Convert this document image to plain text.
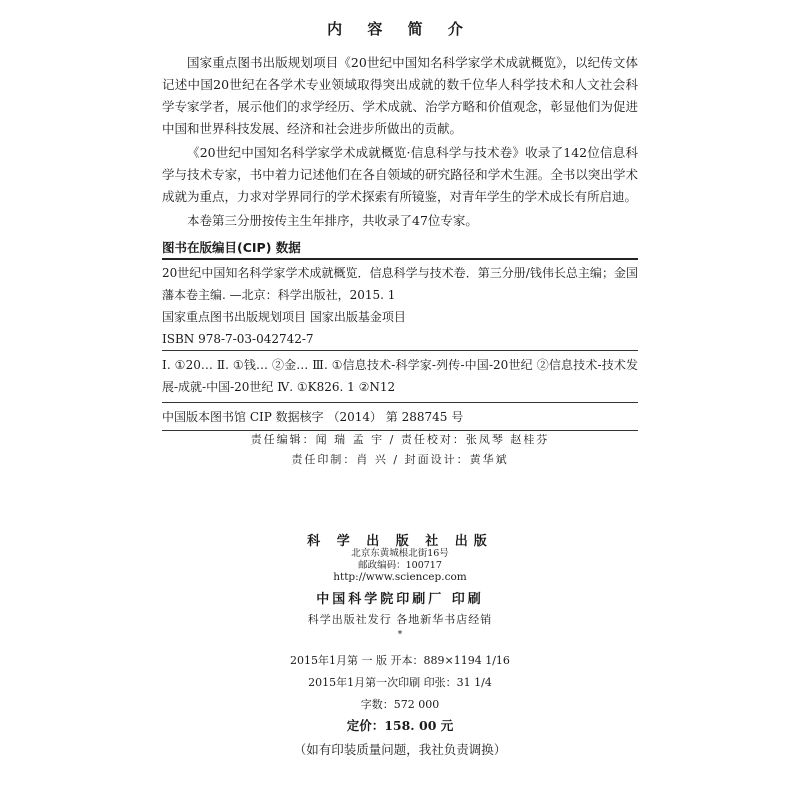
内 容 简 介

国家重点图书出版规划项目《20世纪中国知名科学家学术成就概览》，以纪传文体记述中国20世纪在各学术专业领域取得突出成就的数千位华人科学技术和人文社会科学专家学者，展示他们的求学经历、学术成就、治学方略和价值观念，彰显他们为促进中国和世界科技发展、经济和社会进步所做出的贡献。

《20世纪中国知名科学家学术成就概览·信息科学与技术卷》收录了142位信息科学与技术专家，书中着力记述他们在各自领域的研究路径和学术生涯。全书以突出学术成就为重点，力求对学界同行的学术探索有所镜鉴，对青年学生的学术成长有所启迪。

本卷第三分册按传主生年排序，共收录了47位专家。

图书在版编目(CIP) 数据

20世纪中国知名科学家学术成就概览．信息科学与技术卷．第三分册/钱伟长总主编；金国藩本卷主编. —北京：科学出版社，2015. 1

国家重点图书出版规划项目 国家出版基金项目

ISBN 978-7-03-042742-7

Ⅰ. ①20… Ⅱ. ①钱… ②金… Ⅲ. ①信息技术-科学家-列传-中国-20世纪 ②信息技术-技术发展-成就-中国-20世纪 Ⅳ. ①K826. 1 ②N12

中国版本图书馆 CIP 数据核字 （2014） 第 288745 号

责任编辑：闻 瑞 孟 宇 / 责任校对：张凤琴 赵桂芬
责任印制：肖 兴 / 封面设计：黄华斌
科 学 出 版 社 出版
北京东黄城根北街16号
邮政编码：100717
http://www.sciencep.com
中国科学院印刷厂 印刷
科学出版社发行 各地新华书店经销
*
2015年1月第 一 版 开本：889×1194 1/16
2015年1月第一次印刷 印张：31 1/4
字数：572 000
定价：158. 00 元
（如有印装质量问题，我社负责调换）
